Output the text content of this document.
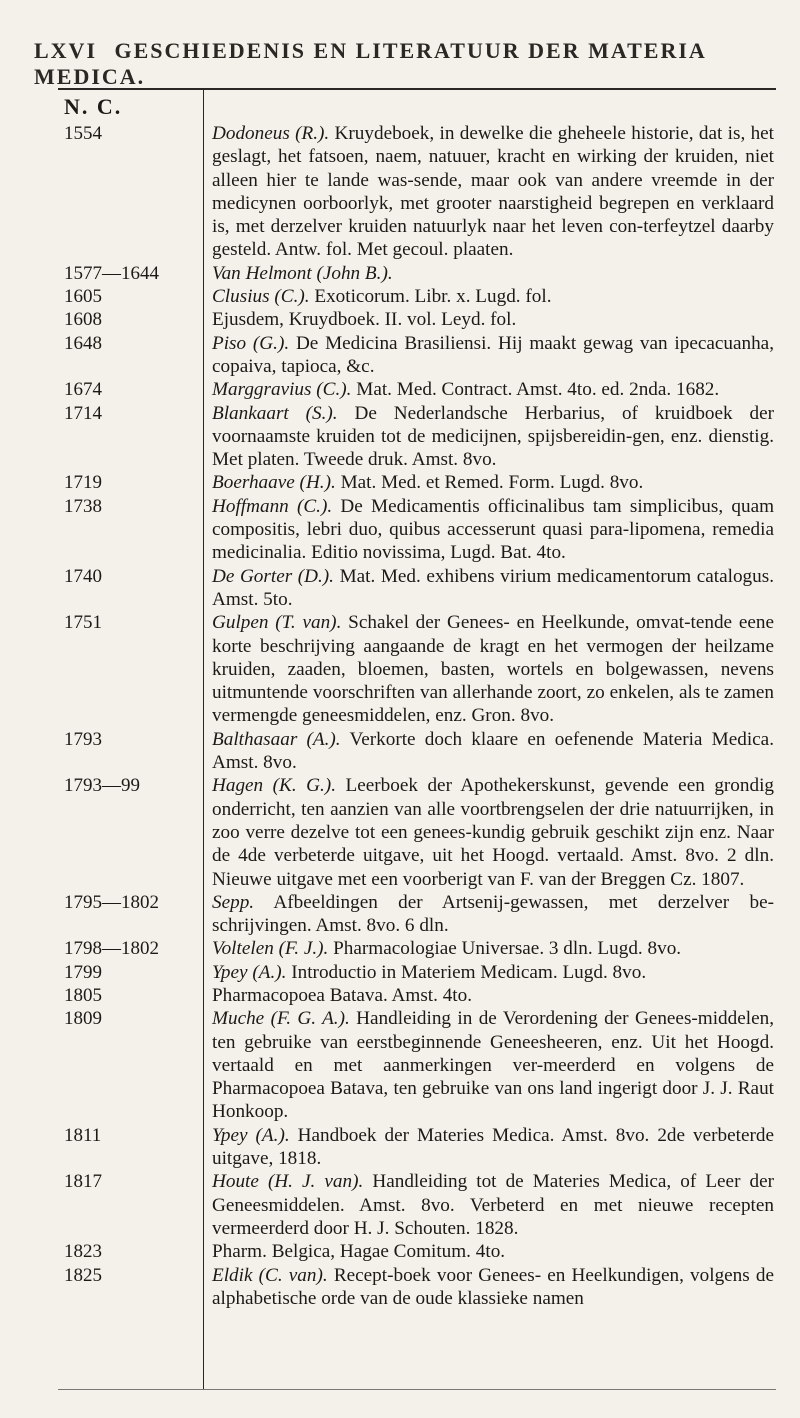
LXVI GESCHIEDENIS EN LITERATUUR DER MATERIA MEDICA.
N. C.
1554	Dodoneus (R.). Kruydeboek, in dewelke die gheheele historie, dat is, het geslagt, het fatsoen, naem, natuuer, kracht en wirking der kruiden, niet alleen hier te lande was-sende, maar ook van andere vreemde in der medicynen oorboorlyk, met grooter naarstigheid begrepen en verklaard is, met derzelver kruiden natuurlyk naar het leven con-terfeytzel daarby gesteld. Antw. fol. Met gecoul. plaaten.
1577—1644	Van Helmont (John B.).
1605	Clusius (C.). Exoticorum. Libr. x. Lugd. fol.
1608	Ejusdem, Kruydboek. II. vol. Leyd. fol.
1648	Piso (G.). De Medicina Brasiliensi. Hij maakt gewag van ipecacuanha, copaiva, tapioca, &c.
1674	Marggravius (C.). Mat. Med. Contract. Amst. 4to. ed. 2nda. 1682.
1714	Blankaart (S.). De Nederlandsche Herbarius, of kruidboek der voornaamste kruiden tot de medicijnen, spijsbereidin-gen, enz. dienstig. Met platen. Tweede druk. Amst. 8vo.
1719	Boerhaave (H.). Mat. Med. et Remed. Form. Lugd. 8vo.
1738	Hoffmann (C.). De Medicamentis officinalibus tam simplicibus, quam compositis, lebri duo, quibus accesserunt quasi para-lipomena, remedia medicinalia. Editio novissima, Lugd. Bat. 4to.
1740	De Gorter (D.). Mat. Med. exhibens virium medicamentorum catalogus. Amst. 5to.
1751	Gulpen (T. van). Schakel der Genees- en Heelkunde, omvat-tende eene korte beschrijving aangaande de kragt en het vermogen der heilzame kruiden, zaaden, bloemen, basten, wortels en bolgewassen, nevens uitmuntende voorschriften van allerhande zoort, zo enkelen, als te zamen vermengde geneesmiddelen, enz. Gron. 8vo.
1793	Balthasaar (A.). Verkorte doch klaare en oefenende Materia Medica. Amst. 8vo.
1793—99	Hagen (K. G.). Leerboek der Apothekerskunst, gevende een grondig onderricht, ten aanzien van alle voortbrengselen der drie natuurrijken, in zoo verre dezelve tot een genees-kundig gebruik geschikt zijn enz. Naar de 4de verbeterde uitgave, uit het Hoogd. vertaald. Amst. 8vo. 2 dln. Nieuwe uitgave met een voorberigt van F. van der Breggen Cz. 1807.
1795—1802	Sepp. Afbeeldingen der Artsenij-gewassen, met derzelver be-schrijvingen. Amst. 8vo. 6 dln.
1798—1802	Voltelen (F. J.). Pharmacologiae Universae. 3 dln. Lugd. 8vo.
1799	Ypey (A.). Introductio in Materiem Medicam. Lugd. 8vo.
1805	Pharmacopoea Batava. Amst. 4to.
1809	Muche (F. G. A.). Handleiding in de Verordening der Genees-middelen, ten gebruike van eerstbeginnende Geneesheeren, enz. Uit het Hoogd. vertaald en met aanmerkingen ver-meerderd en volgens de Pharmacopoea Batava, ten gebruike van ons land ingerigt door J. J. Raut Honkoop.
1811	Ypey (A.). Handboek der Materies Medica. Amst. 8vo. 2de verbeterde uitgave, 1818.
1817	Houte (H. J. van). Handleiding tot de Materies Medica, of Leer der Geneesmiddelen. Amst. 8vo. Verbeterd en met nieuwe recepten vermeerderd door H. J. Schouten. 1828.
1823	Pharm. Belgica, Hagae Comitum. 4to.
1825	Eldik (C. van). Recept-boek voor Genees- en Heelkundigen, volgens de alphabetische orde van de oude klassieke namen
